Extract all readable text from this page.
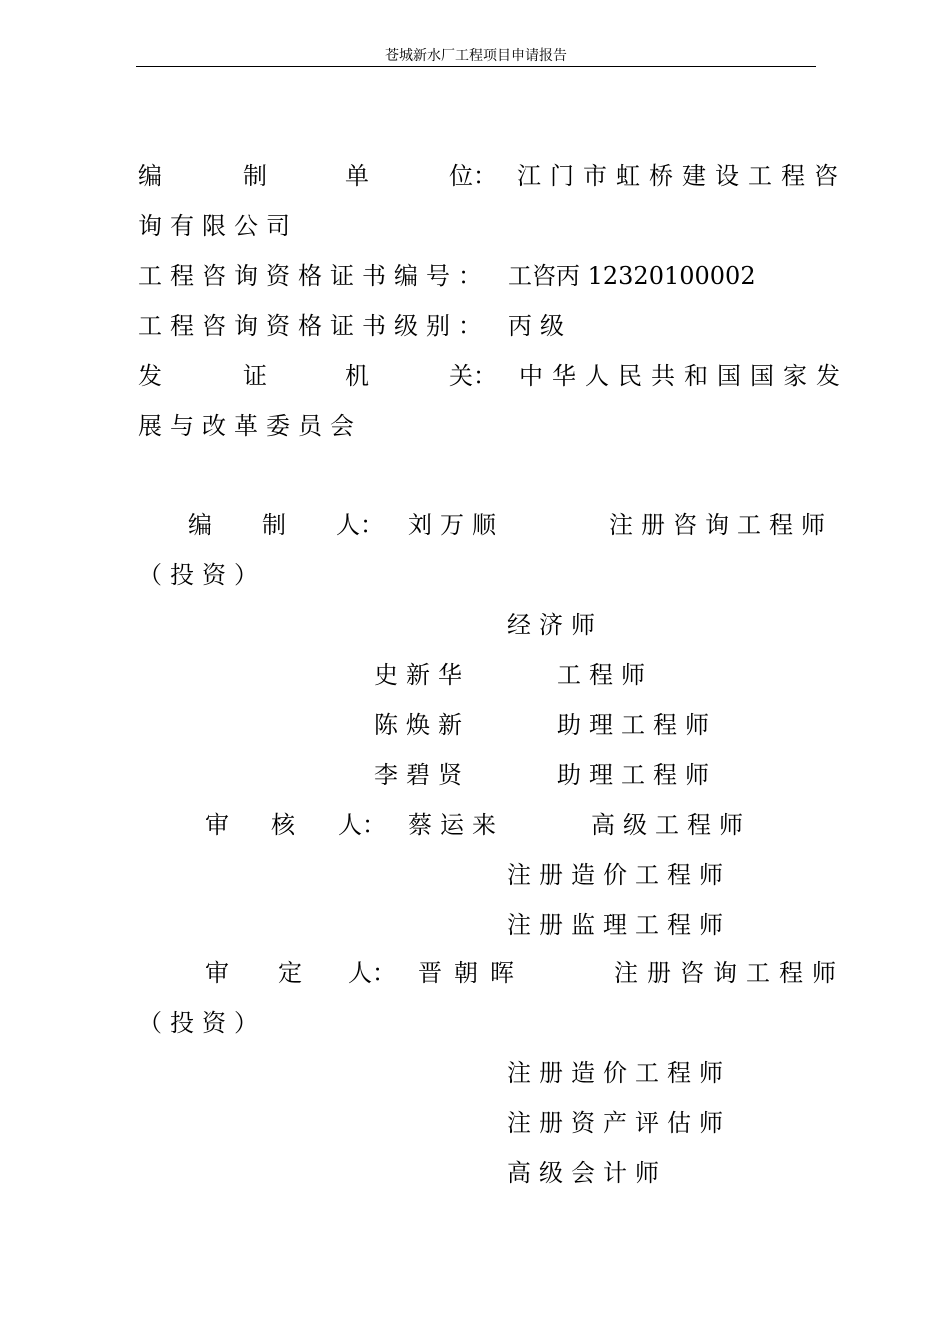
苍城新水厂工程项目申请报告
编	制	单	位： 江门市虹桥建设工程咨
询有限公司
工程咨询资格证书编号： 工咨丙 12320100002
工程咨询资格证书级别： 丙级
发	证	机	关： 中华人民共和国国家发
展与改革委员会
编 制 人： 刘万顺	注册咨询工程师
（投资）
经济师
史新华	工程师
陈焕新	助理工程师
李碧贤	助理工程师
审 核 人： 蔡运来	高级工程师
注册造价工程师
注册监理工程师
审 定 人： 晋朝晖	注册咨询工程师
（投资）
注册造价工程师
注册资产评估师
高级会计师
